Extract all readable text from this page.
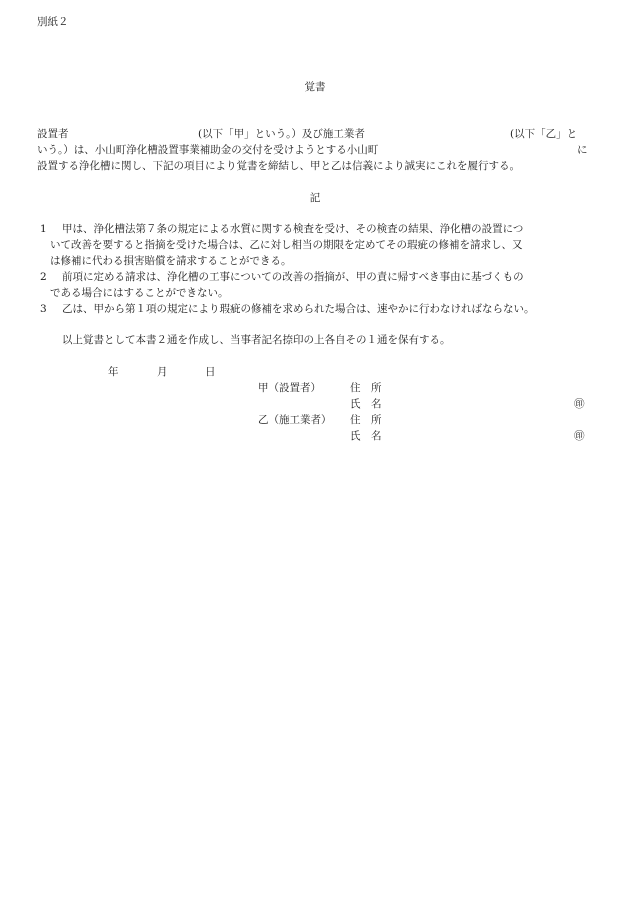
別紙２
覚書
設置者	(以下「甲」という。）及び施工業者	(以下「乙」と
いう。）は、小山町浄化槽設置事業補助金の交付を受けようとする小山町	に
設置する浄化槽に関し、下記の項目により覚書を締結し、甲と乙は信義により誠実にこれを履行する。
記
1 甲は、浄化槽法第７条の規定による水質に関する検査を受け、その検査の結果、浄化槽の設置につ
いて改善を要すると指摘を受けた場合は、乙に対し相当の期限を定めてその瑕疵の修補を請求し、又
は修補に代わる損害賠償を請求することができる。
2 前項に定める請求は、浄化槽の工事についての改善の指摘が、甲の責に帰すべき事由に基づくもの
である場合にはすることができない。
3 乙は、甲から第１項の規定により瑕疵の修補を求められた場合は、速やかに行わなければならない。
以上覚書として本書２通を作成し、当事者記名捺印の上各自その１通を保有する。
年	月	日
甲（設置者）	住　所
氏　名	㊞
乙（施工業者） 住　所
氏　名	㊞
